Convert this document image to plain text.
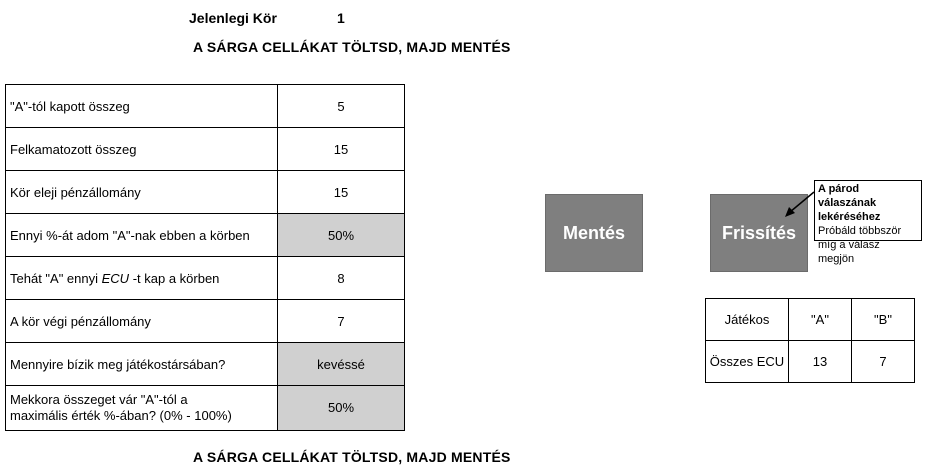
Jelenlegi Kör	1
A SÁRGA CELLÁKAT TÖLTSD, MAJD MENTÉS
"A"-tól kapott összeg	5
Felkamatozott összeg	15
Kör eleji pénzállomány	15
Ennyi %-át adom "A"-nak ebben a körben	50%
Tehát "A" ennyi ECU -t kap a körben	8
A kör végi pénzállomány	7
Mennyire bízik meg játékostársában?	kevéssé
Mekkora összeget vár "A"-tól a
maximális érték %-ában? (0% - 100%)	50%
A SÁRGA CELLÁKAT TÖLTSD, MAJD MENTÉS
Mentés	Frissítés
A párod válaszának
lekéréséhez
Próbáld többször
míg a válasz megjön
Játékos	"A"	"B"
Összes ECU	13	7
